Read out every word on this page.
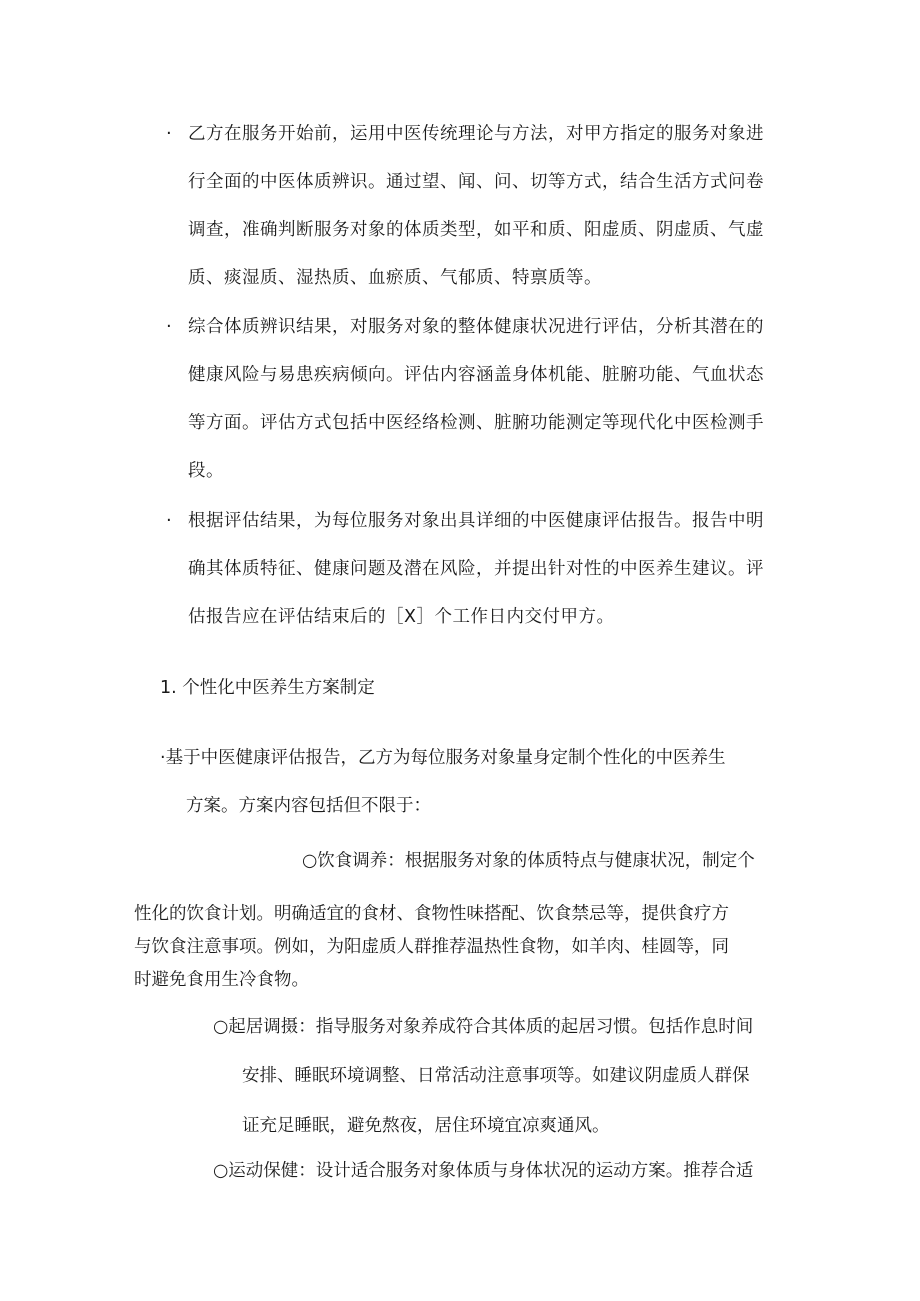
· 乙方在服务开始前，运用中医传统理论与方法，对甲方指定的服务对象进
行全面的中医体质辨识。通过望、闻、问、切等方式，结合生活方式问卷
调查，准确判断服务对象的体质类型，如平和质、阳虚质、阴虚质、气虚
质、痰湿质、湿热质、血瘀质、气郁质、特禀质等。

· 综合体质辨识结果，对服务对象的整体健康状况进行评估，分析其潜在的
健康风险与易患疾病倾向。评估内容涵盖身体机能、脏腑功能、气血状态
等方面。评估方式包括中医经络检测、脏腑功能测定等现代化中医检测手
段。

· 根据评估结果，为每位服务对象出具详细的中医健康评估报告。报告中明
确其体质特征、健康问题及潜在风险，并提出针对性的中医养生建议。评
估报告应在评估结束后的［X］个工作日内交付甲方。

1. 个性化中医养生方案制定

·基于中医健康评估报告，乙方为每位服务对象量身定制个性化的中医养生

方案。方案内容包括但不限于：

○饮食调养：根据服务对象的体质特点与健康状况，制定个

性化的饮食计划。明确适宜的食材、食物性味搭配、饮食禁忌等，提供食疗方
与饮食注意事项。例如，为阳虚质人群推荐温热性食物，如羊肉、桂圆等，同
时避免食用生冷食物。

○起居调摄：指导服务对象养成符合其体质的起居习惯。包括作息时间

安排、睡眠环境调整、日常活动注意事项等。如建议阴虚质人群保
证充足睡眠，避免熬夜，居住环境宜凉爽通风。

○运动保健：设计适合服务对象体质与身体状况的运动方案。推荐合适
